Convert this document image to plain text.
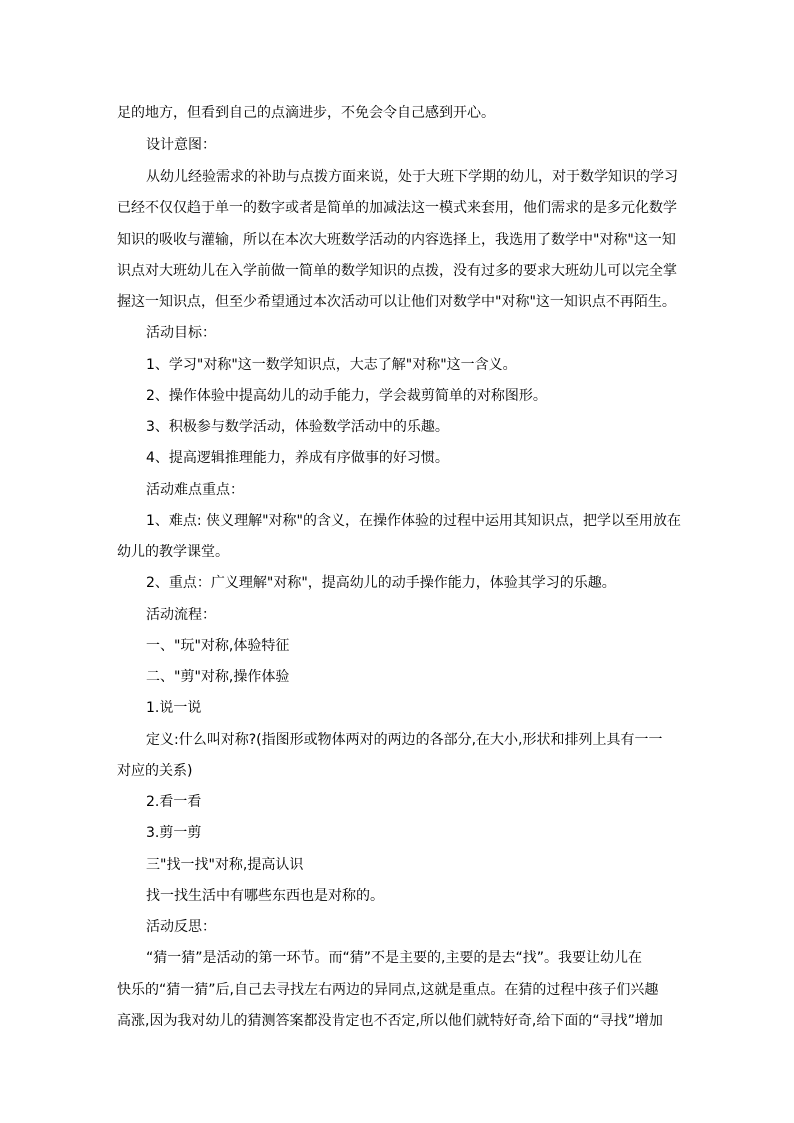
足的地方，但看到自己的点滴进步，不免会令自己感到开心。
设计意图：
从幼儿经验需求的补助与点拨方面来说，处于大班下学期的幼儿，对于数学知识的学习
已经不仅仅趋于单一的数字或者是简单的加减法这一模式来套用，他们需求的是多元化数学
知识的吸收与灌输，所以在本次大班数学活动的内容选择上，我选用了数学中"对称"这一知
识点对大班幼儿在入学前做一简单的数学知识的点拨，没有过多的要求大班幼儿可以完全掌
握这一知识点，但至少希望通过本次活动可以让他们对数学中"对称"这一知识点不再陌生。
活动目标：
1、学习"对称"这一数学知识点，大志了解"对称"这一含义。
2、操作体验中提高幼儿的动手能力，学会裁剪简单的对称图形。
3、积极参与数学活动，体验数学活动中的乐趣。
4、提高逻辑推理能力，养成有序做事的好习惯。
活动难点重点：
1、难点: 侠义理解"对称"的含义，在操作体验的过程中运用其知识点，把学以至用放在
幼儿的教学课堂。
2、重点：广义理解"对称"，提高幼儿的动手操作能力，体验其学习的乐趣。
活动流程：
一、"玩"对称,体验特征
二、"剪"对称,操作体验
1.说一说
定义:什么叫对称?(指图形或物体两对的两边的各部分,在大小,形状和排列上具有一一
对应的关系)
2.看一看
3.剪一剪
三"找一找"对称,提高认识
找一找生活中有哪些东西也是对称的。
活动反思：
“猜一猜”是活动的第一环节。而“猜”不是主要的,主要的是去“找”。我要让幼儿在
快乐的“猜一猜”后,自己去寻找左右两边的异同点,这就是重点。在猜的过程中孩子们兴趣
高涨,因为我对幼儿的猜测答案都没肯定也不否定,所以他们就特好奇,给下面的“寻找”增加
